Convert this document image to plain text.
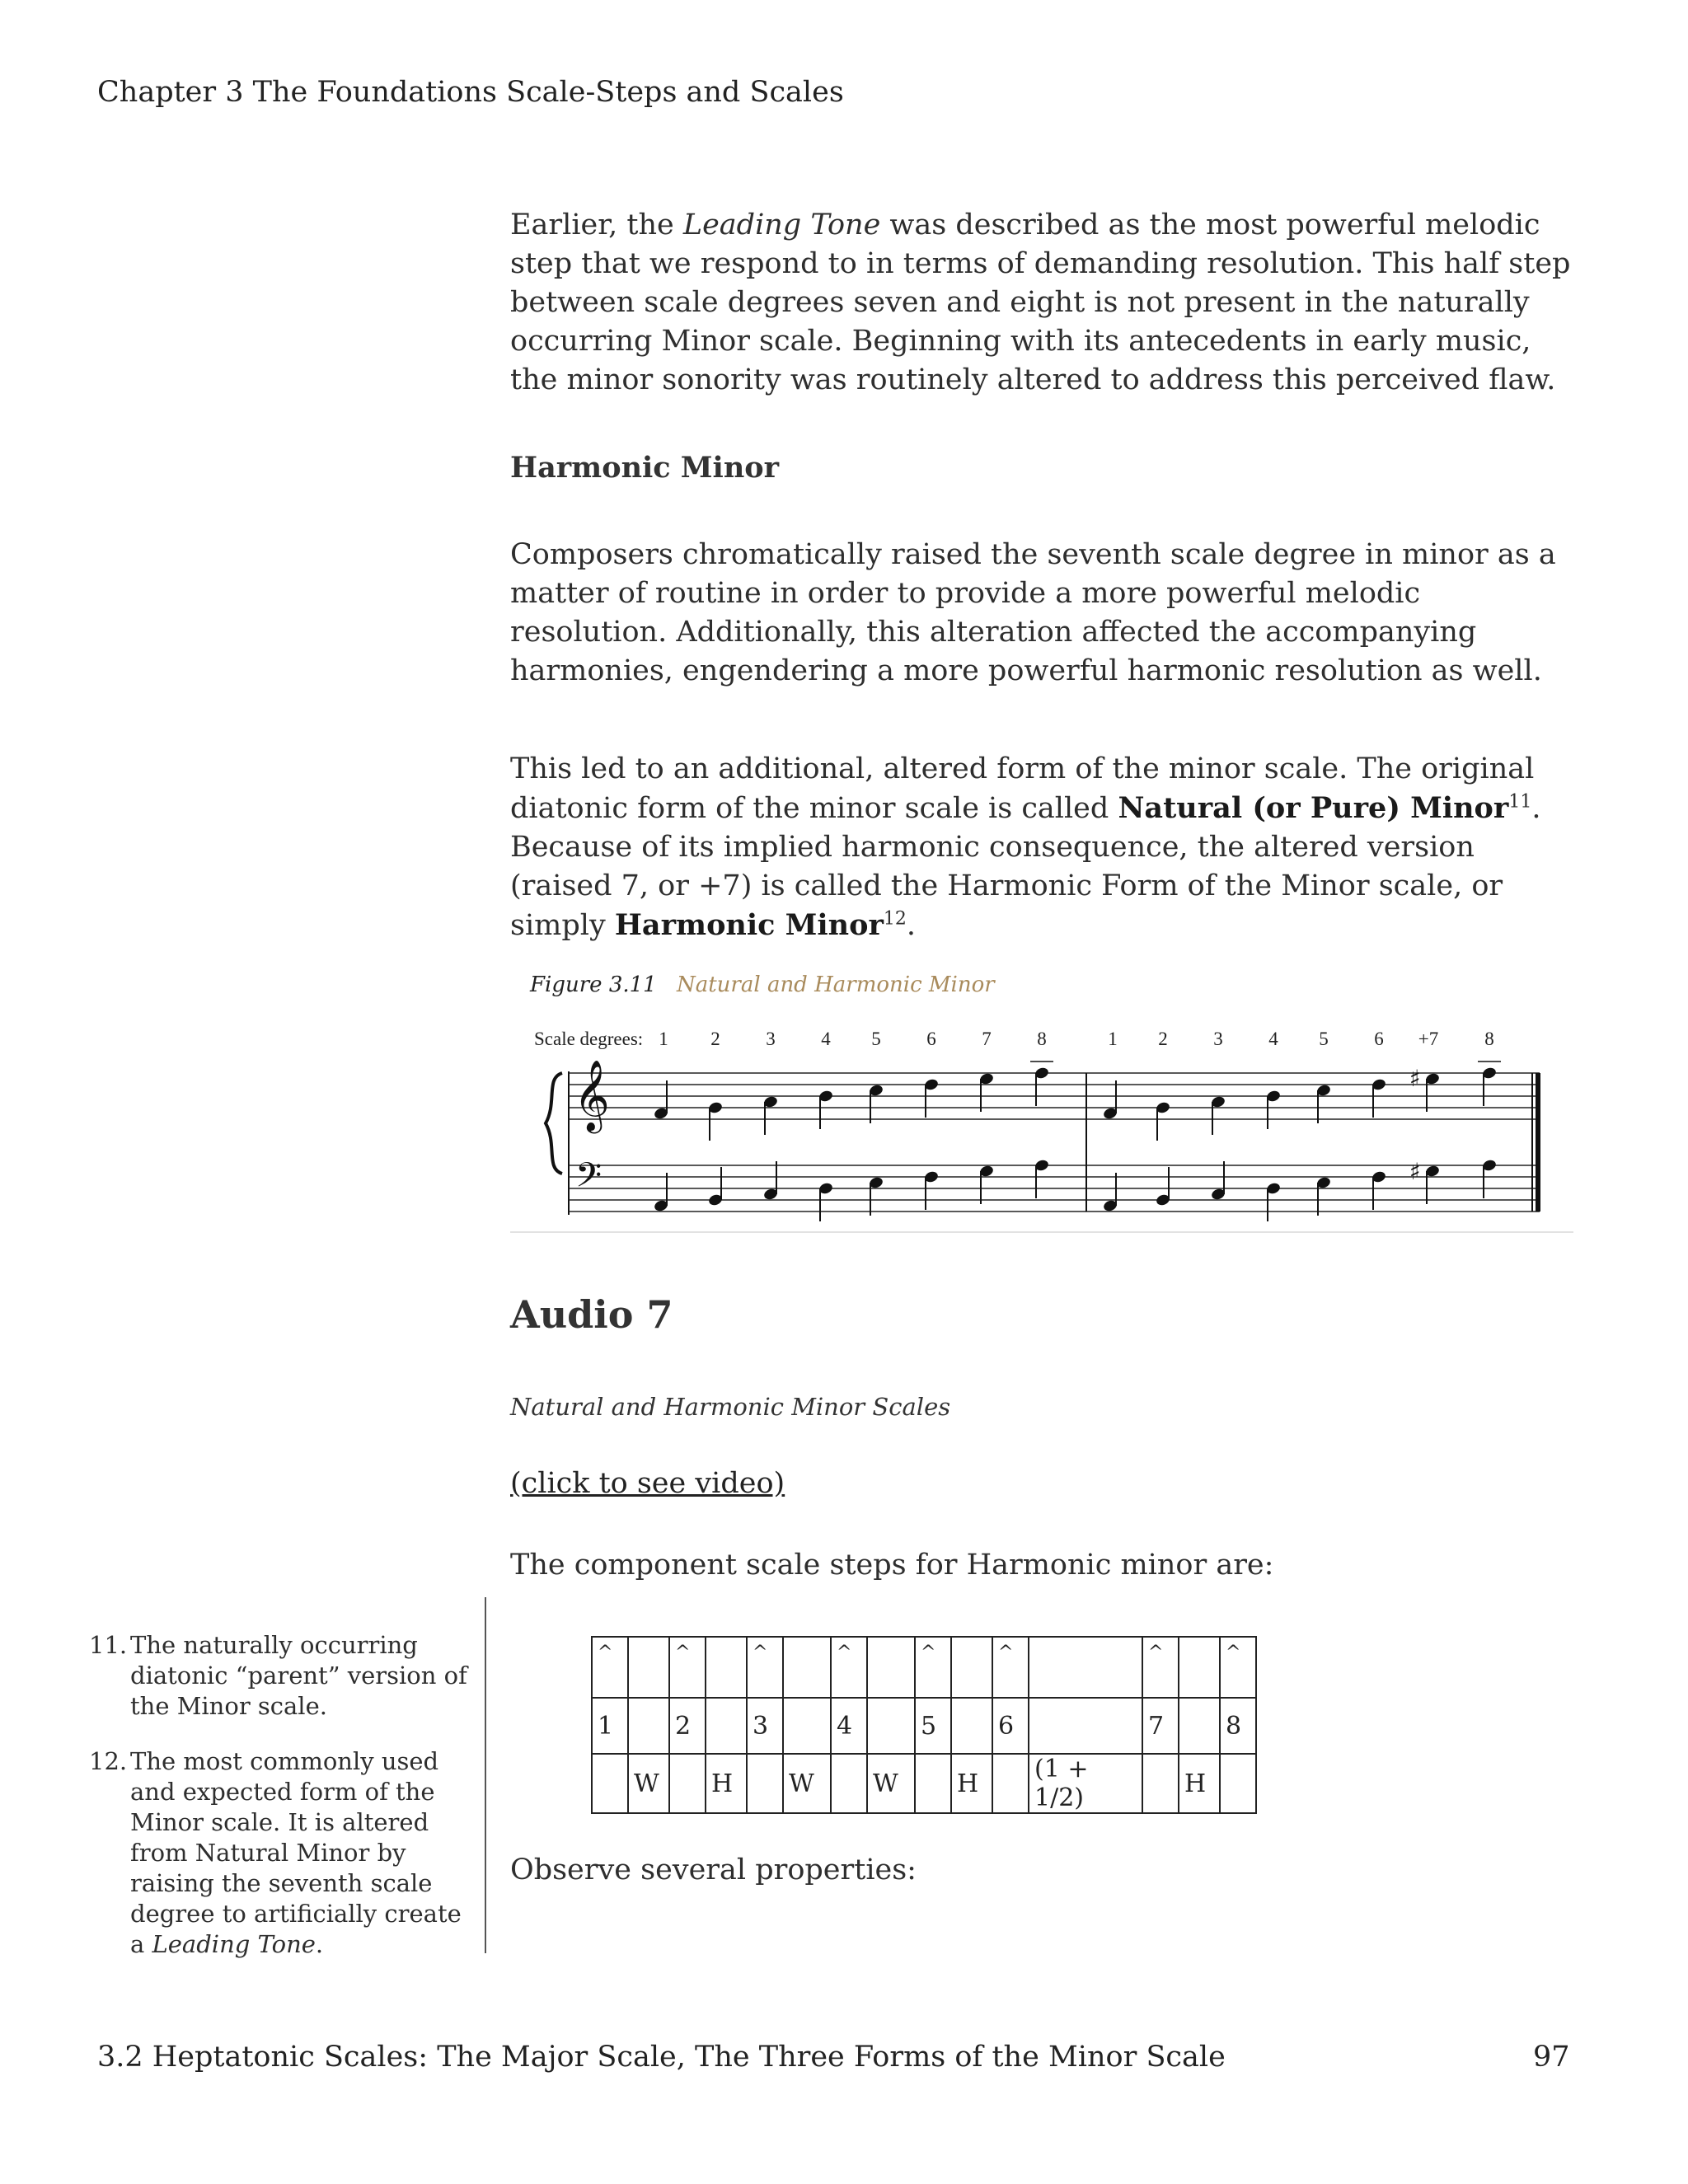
Chapter 3 The Foundations Scale-Steps and Scales

Earlier, the Leading Tone was described as the most powerful melodic step that we respond to in terms of demanding resolution. This half step between scale degrees seven and eight is not present in the naturally occurring Minor scale. Beginning with its antecedents in early music, the minor sonority was routinely altered to address this perceived flaw.

Harmonic Minor

Composers chromatically raised the seventh scale degree in minor as a matter of routine in order to provide a more powerful melodic resolution. Additionally, this alteration affected the accompanying harmonies, engendering a more powerful harmonic resolution as well.

This led to an additional, altered form of the minor scale. The original diatonic form of the minor scale is called Natural (or Pure) Minor$^{11}$. Because of its implied harmonic consequence, the altered version (raised 7, or +7) is called the Harmonic Form of the Minor scale, or simply Harmonic Minor$^{12}$.

Figure 3.11 Natural and Harmonic Minor
Scale degrees: 1 2 3 4 5 6 7 8	1 2 3 4 5 6 +7 8
𝄞
𝄢
♯
♯
Audio 7
Natural and Harmonic Minor Scales
(click to see video)
The component scale steps for Harmonic minor are:
^		^		^		^		^		^		^		^
1		2		3		4		5		6		7		8
	W		H		W		W		H		(1 + 1/2)		H	
Observe several properties:
11. The naturally occurring diatonic “parent” version of the Minor scale.
12. The most commonly used and expected form of the Minor scale. It is altered from Natural Minor by raising the seventh scale degree to artificially create a Leading Tone.
3.2 Heptatonic Scales: The Major Scale, The Three Forms of the Minor Scale	97
